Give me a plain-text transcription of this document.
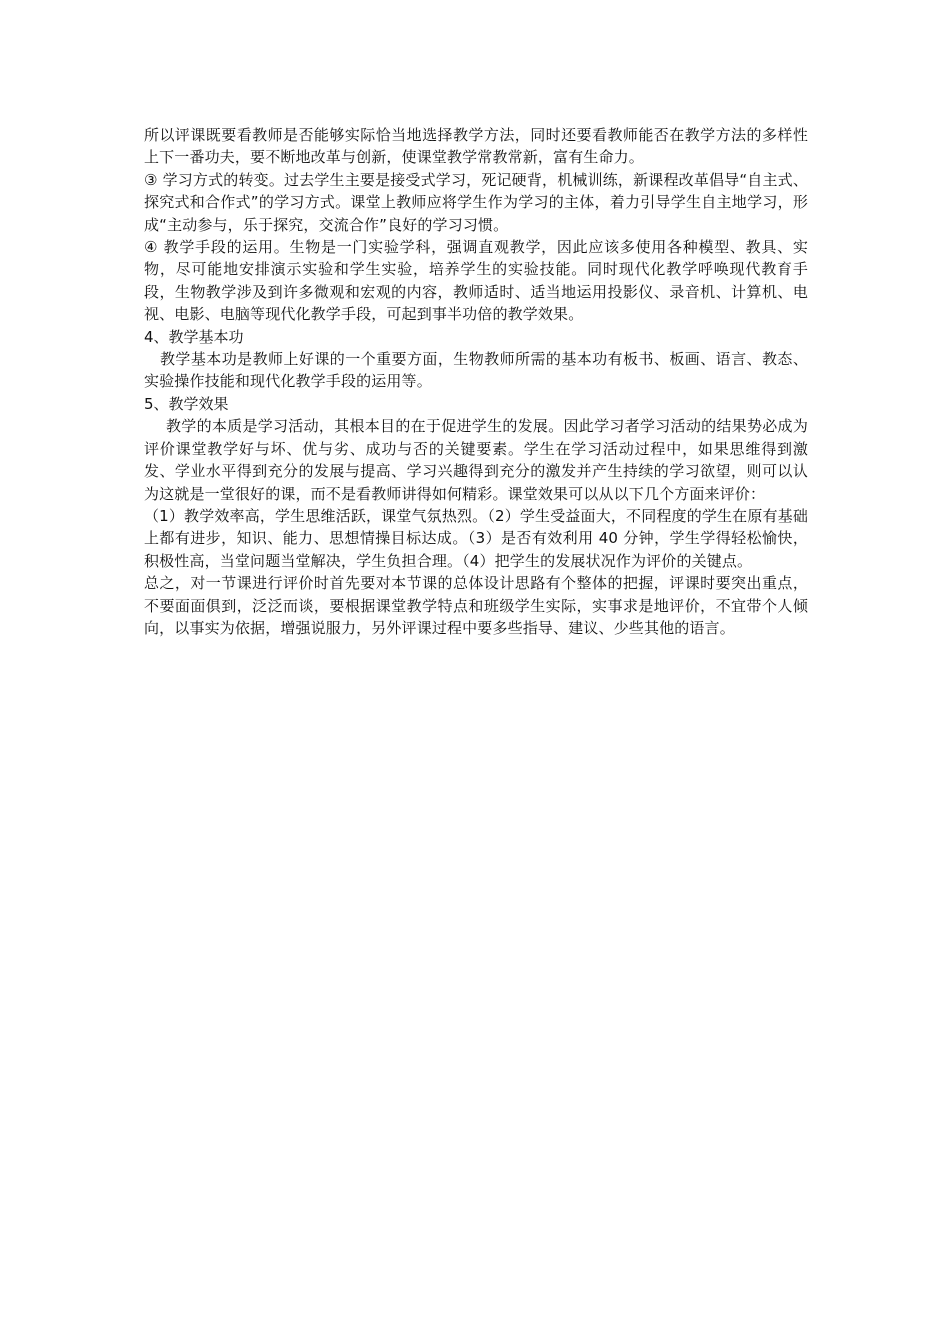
所以评课既要看教师是否能够实际恰当地选择教学方法，同时还要看教师能否在教学方法的多样性上下一番功夫，要不断地改革与创新，使课堂教学常教常新，富有生命力。

③ 学习方式的转变。过去学生主要是接受式学习，死记硬背，机械训练，新课程改革倡导“自主式、探究式和合作式”的学习方式。课堂上教师应将学生作为学习的主体，着力引导学生自主地学习，形成“主动参与，乐于探究，交流合作”良好的学习习惯。

④ 教学手段的运用。生物是一门实验学科，强调直观教学，因此应该多使用各种模型、教具、实物，尽可能地安排演示实验和学生实验，培养学生的实验技能。同时现代化教学呼唤现代教育手段，生物教学涉及到许多微观和宏观的内容，教师适时、适当地运用投影仪、录音机、计算机、电视、电影、电脑等现代化教学手段，可起到事半功倍的教学效果。

4、教学基本功

教学基本功是教师上好课的一个重要方面，生物教师所需的基本功有板书、板画、语言、教态、实验操作技能和现代化教学手段的运用等。

5、教学效果

教学的本质是学习活动，其根本目的在于促进学生的发展。因此学习者学习活动的结果势必成为评价课堂教学好与坏、优与劣、成功与否的关键要素。学生在学习活动过程中，如果思维得到激发、学业水平得到充分的发展与提高、学习兴趣得到充分的激发并产生持续的学习欲望，则可以认为这就是一堂很好的课，而不是看教师讲得如何精彩。课堂效果可以从以下几个方面来评价：

（1）教学效率高，学生思维活跃，课堂气氛热烈。（2）学生受益面大，不同程度的学生在原有基础上都有进步，知识、能力、思想情操目标达成。（3）是否有效利用 40 分钟，学生学得轻松愉快，积极性高，当堂问题当堂解决，学生负担合理。（4）把学生的发展状况作为评价的关键点。

总之，对一节课进行评价时首先要对本节课的总体设计思路有个整体的把握，评课时要突出重点，不要面面俱到，泛泛而谈，要根据课堂教学特点和班级学生实际，实事求是地评价，不宜带个人倾向，以事实为依据，增强说服力，另外评课过程中要多些指导、建议、少些其他的语言。
